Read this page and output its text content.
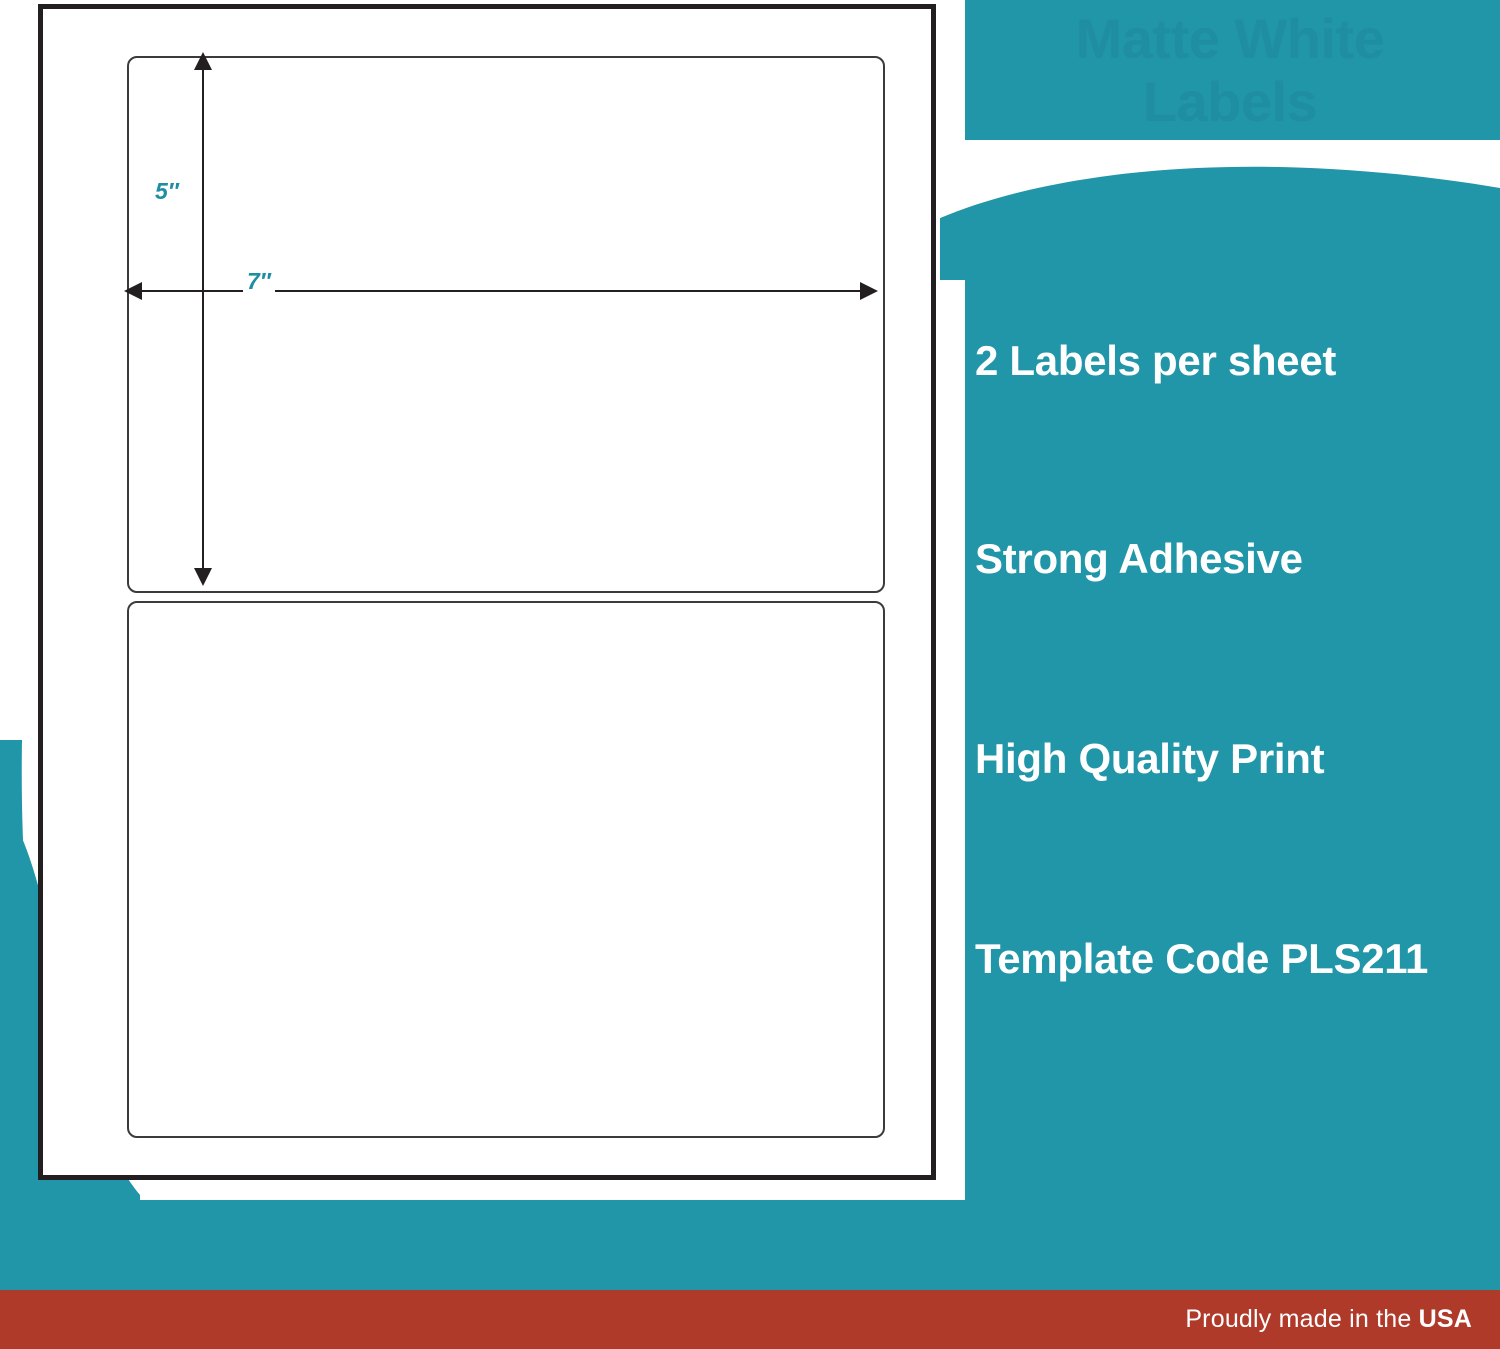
5″
7″
Matte White
Labels
2 Labels per sheet
Strong Adhesive
High Quality Print
Template Code PLS211
Proudly made in the USA
